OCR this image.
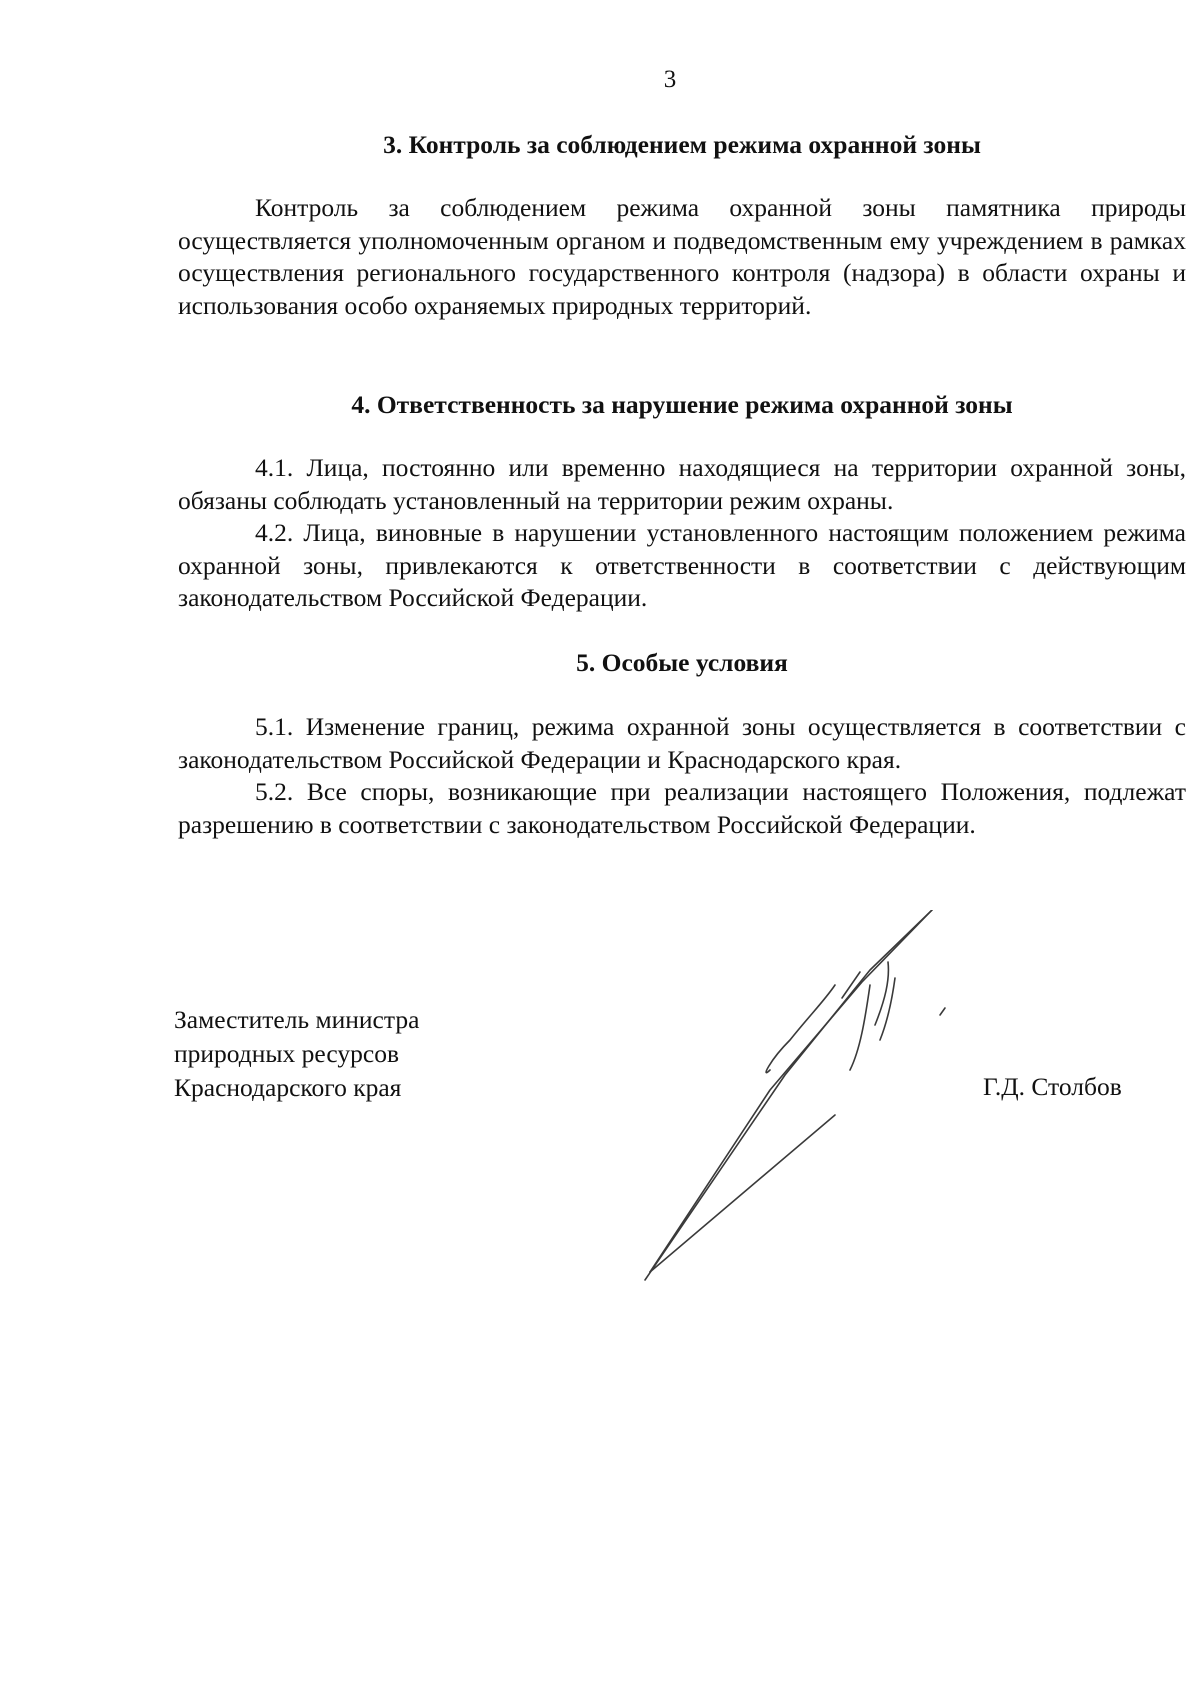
3
3. Контроль за соблюдением режима охранной зоны

Контроль за соблюдением режима охранной зоны памятника природы осуществляется уполномоченным органом и подведомственным ему учреждением в рамках осуществления регионального государственного контроля (надзора) в области охраны и использования особо охраняемых природных территорий.

4. Ответственность за нарушение режима охранной зоны

4.1. Лица, постоянно или временно находящиеся на территории охранной зоны, обязаны соблюдать установленный на территории режим охраны.

4.2. Лица, виновные в нарушении установленного настоящим положением режима охранной зоны, привлекаются к ответственности в соответствии с действующим законодательством Российской Федерации.

5. Особые условия

5.1. Изменение границ, режима охранной зоны осуществляется в соответствии с законодательством Российской Федерации и Краснодарского края.

5.2. Все споры, возникающие при реализации настоящего Положения, подлежат разрешению в соответствии с законодательством Российской Федерации.

Заместитель министра
природных ресурсов
Краснодарского края	Г.Д. Столбов
